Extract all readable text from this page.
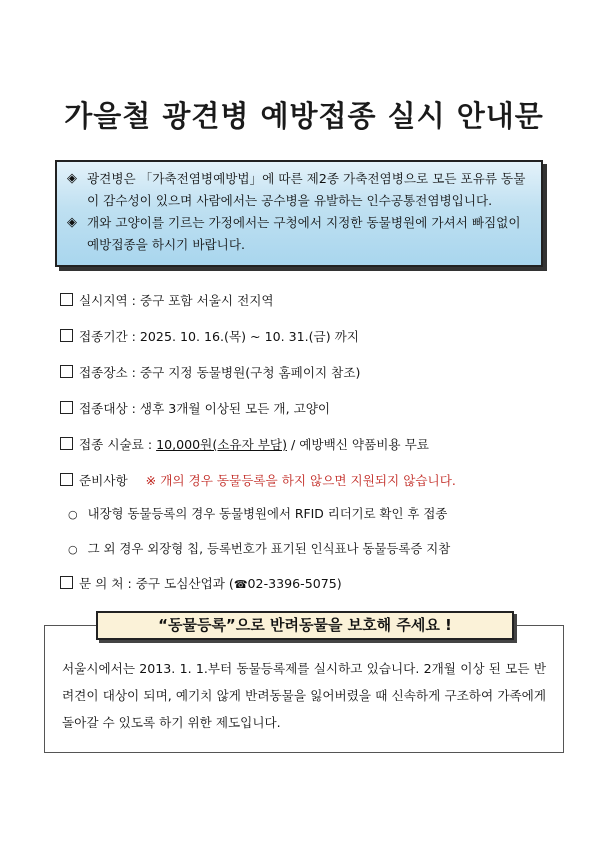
가을철 광견병 예방접종 실시 안내문
◈ 광견병은 「가축전염병예방법」에 따른 제2종 가축전염병으로 모든 포유류 동물이 감수성이 있으며 사람에서는 공수병을 유발하는 인수공통전염병입니다.
◈ 개와 고양이를 기르는 가정에서는 구청에서 지정한 동물병원에 가셔서 빠짐없이 예방접종을 하시기 바랍니다.
실시지역 : 중구 포함 서울시 전지역
접종기간 : 2025. 10. 16.(목) ~ 10. 31.(금) 까지
접종장소 : 중구 지정 동물병원(구청 홈페이지 참조)
접종대상 : 생후 3개월 이상된 모든 개, 고양이
접종 시술료 : 10,000원(소유자 부담) / 예방백신 약품비용 무료
준비사항 ※ 개의 경우 동물등록을 하지 않으면 지원되지 않습니다.
○ 내장형 동물등록의 경우 동물병원에서 RFID 리더기로 확인 후 접종
○ 그 외 경우 외장형 칩, 등록번호가 표기된 인식표나 동물등록증 지참
문 의 처 : 중구 도심산업과 (☎02-3396-5075)
“동물등록”으로 반려동물을 보호해 주세요 !
서울시에서는 2013. 1. 1.부터 동물등록제를 실시하고 있습니다. 2개월 이상 된 모든 반려견이 대상이 되며, 예기치 않게 반려동물을 잃어버렸을 때 신속하게 구조하여 가족에게 돌아갈 수 있도록 하기 위한 제도입니다.
